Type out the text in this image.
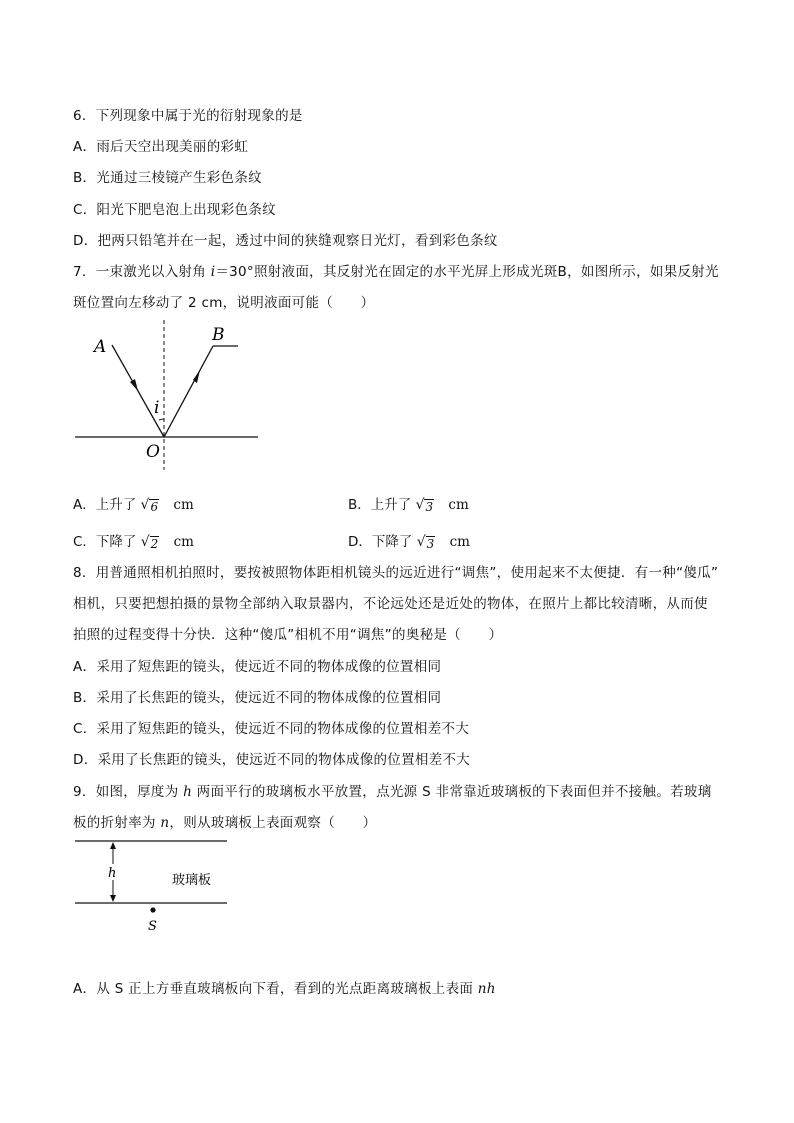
6．下列现象中属于光的衍射现象的是
A．雨后天空出现美丽的彩虹
B．光通过三棱镜产生彩色条纹
C．阳光下肥皂泡上出现彩色条纹
D．把两只铅笔并在一起，透过中间的狭缝观察日光灯，看到彩色条纹
7．一束激光以入射角 i＝30°照射液面，其反射光在固定的水平光屏上形成光斑B，如图所示，如果反射光
斑位置向左移动了 2 cm，说明液面可能（　　）
A
B
i
O
A．上升了 √ 6 cm	B．上升了 √ 3 cm
C．下降了 √ 2 cm	D．下降了 √ 3 cm
8．用普通照相机拍照时，要按被照物体距相机镜头的远近进行“调焦”，使用起来不太便捷．有一种“傻瓜”
相机，只要把想拍摄的景物全部纳入取景器内，不论远处还是近处的物体，在照片上都比较清晰，从而使
拍照的过程变得十分快．这种“傻瓜”相机不用“调焦”的奥秘是（　　）
A．采用了短焦距的镜头，使远近不同的物体成像的位置相同
B．采用了长焦距的镜头，使远近不同的物体成像的位置相同
C．采用了短焦距的镜头，使远近不同的物体成像的位置相差不大
D．采用了长焦距的镜头，使远近不同的物体成像的位置相差不大
9．如图，厚度为 h 两面平行的玻璃板水平放置，点光源 S 非常靠近玻璃板的下表面但并不接触。若玻璃
板的折射率为 n，则从玻璃板上表面观察（　　）
h	玻璃板
S
A．从 S 正上方垂直玻璃板向下看，看到的光点距离玻璃板上表面 nh
